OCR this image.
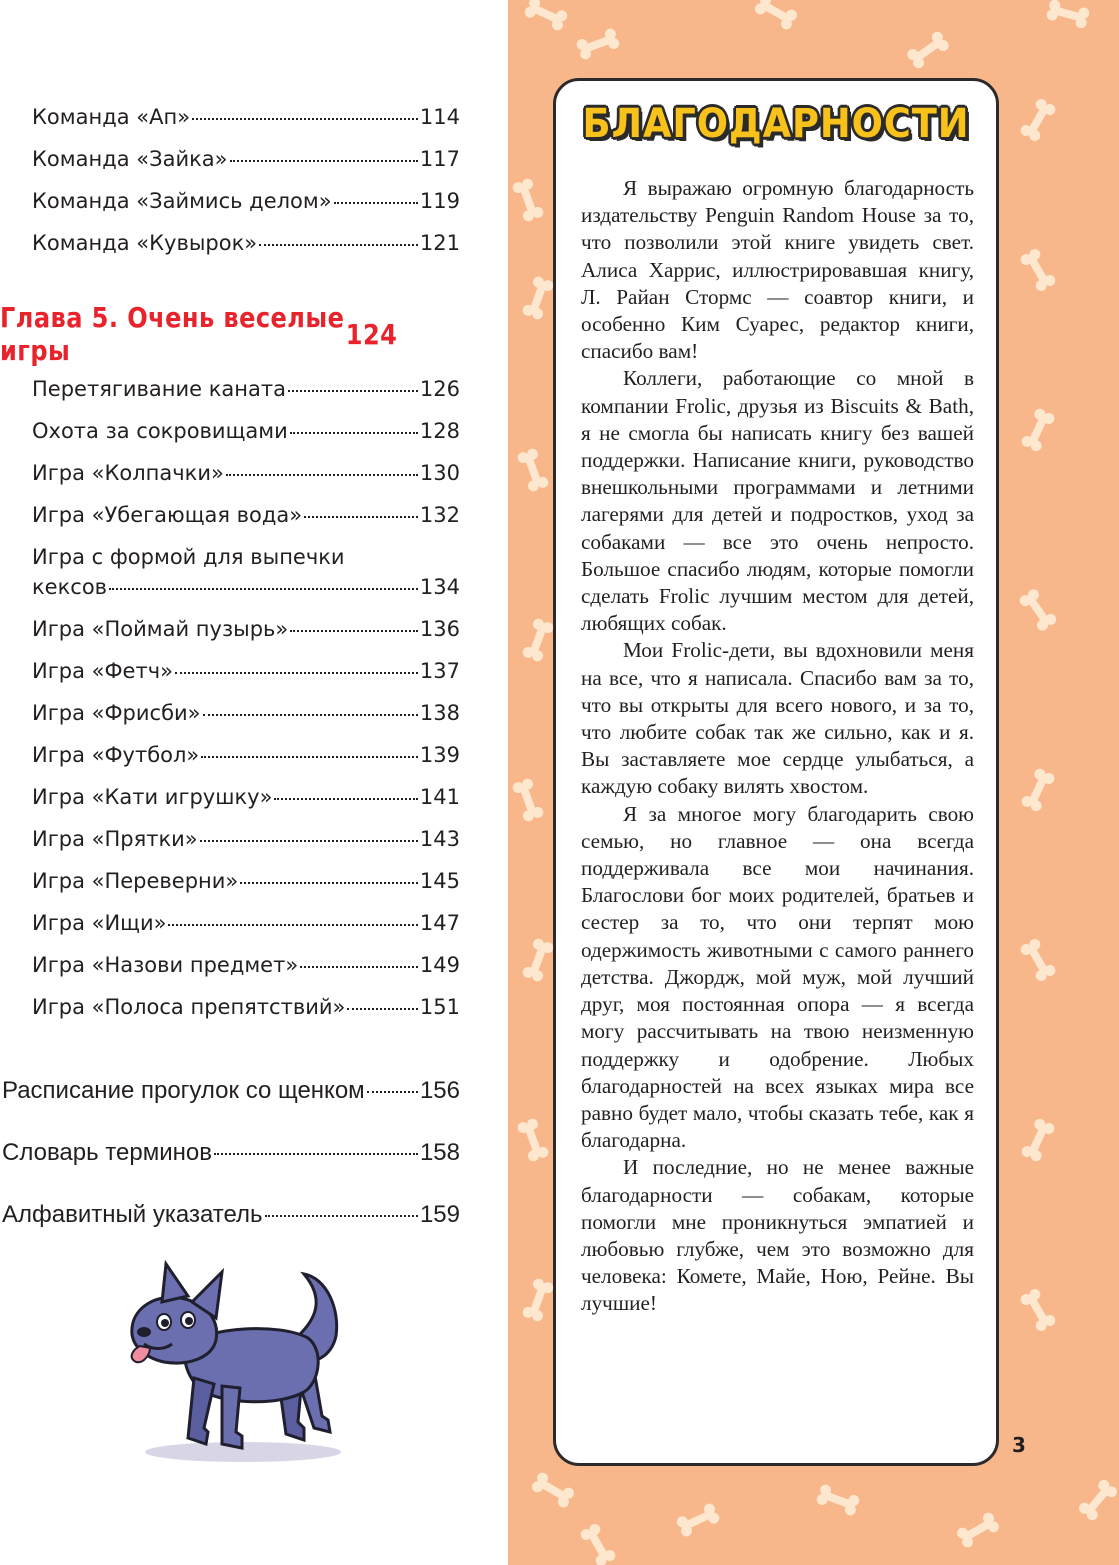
Команда «Ап»	114
Команда «Зайка»	117
Команда «Займись делом»	119
Команда «Кувырок»	121
Глава 5. Очень веселые игры	124
Перетягивание каната	126
Охота за сокровищами	128
Игра «Колпачки»	130
Игра «Убегающая вода»	132
Игра с формой для выпечки
кексов	134
Игра «Поймай пузырь»	136
Игра «Фетч»	137
Игра «Фрисби»	138
Игра «Футбол»	139
Игра «Кати игрушку»	141
Игра «Прятки»	143
Игра «Переверни»	145
Игра «Ищи»	147
Игра «Назови предмет»	149
Игра «Полоса препятствий»	151
Расписание прогулок со щенком 156
Словарь терминов	158
Алфавитный указатель	159
БЛАГОДАРНОСТИ

Я выражаю огромную благодарность издательству Penguin Random House за то, что позволили этой книге увидеть свет. Алиса Харрис, иллюстрировавшая книгу, Л. Райан Стормс — соавтор книги, и особенно Ким Суарес, редактор книги, спасибо вам!

Коллеги, работающие со мной в компании Frolic, друзья из Biscuits & Bath, я не смогла бы написать книгу без вашей поддержки. Написание книги, руководство внешкольными программами и летними лагерями для детей и подростков, уход за собаками — все это очень непросто. Большое спасибо людям, которые помогли сделать Frolic лучшим местом для детей, любящих собак.

Мои Frolic-дети, вы вдохновили меня на все, что я написала. Спасибо вам за то, что вы открыты для всего нового, и за то, что любите собак так же сильно, как и я. Вы заставляете мое сердце улыбаться, а каждую собаку вилять хвостом.

Я за многое могу благодарить свою семью, но главное — она всегда поддерживала все мои начинания. Благослови бог моих родителей, братьев и сестер за то, что они терпят мою одержимость животными с самого раннего детства. Джордж, мой муж, мой лучший друг, моя постоянная опора — я всегда могу рассчитывать на твою неизменную поддержку и одобрение. Любых благодарностей на всех языках мира все равно будет мало, чтобы сказать тебе, как я благодарна.

И последние, но не менее важные благодарности — собакам, которые помогли мне проникнуться эмпатией и любовью глубже, чем это возможно для человека: Комете, Майе, Ною, Рейне. Вы лучшие!

3
